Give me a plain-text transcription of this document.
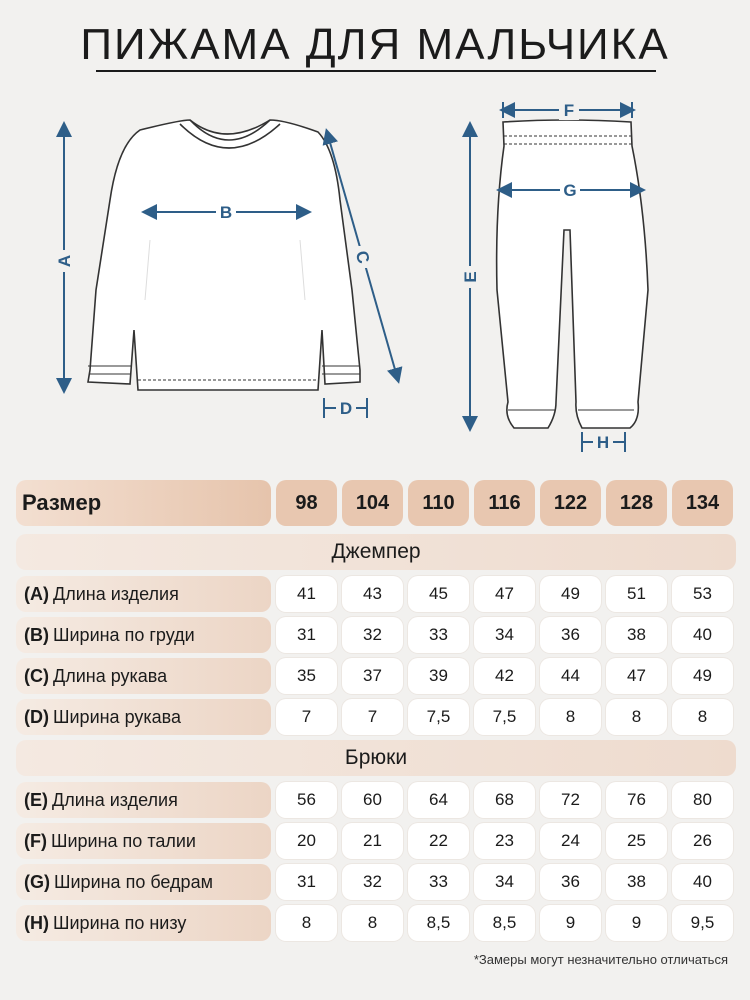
ПИЖАМА ДЛЯ МАЛЬЧИКА
A
B
C
D
F
G
E
H
Размер	98	104	110	116	122	128	134
Джемпер
(A) Длина изделия	41	43	45	47	49	51	53
(B) Ширина по груди	31	32	33	34	36	38	40
(C) Длина рукава	35	37	39	42	44	47	49
(D) Ширина рукава	7	7	7,5	7,5	8	8	8
Брюки
(E) Длина изделия	56	60	64	68	72	76	80
(F) Ширина по талии	20	21	22	23	24	25	26
(G) Ширина по бедрам	31	32	33	34	36	38	40
(H) Ширина по низу	8	8	8,5	8,5	9	9	9,5
*Замеры могут незначительно отличаться
